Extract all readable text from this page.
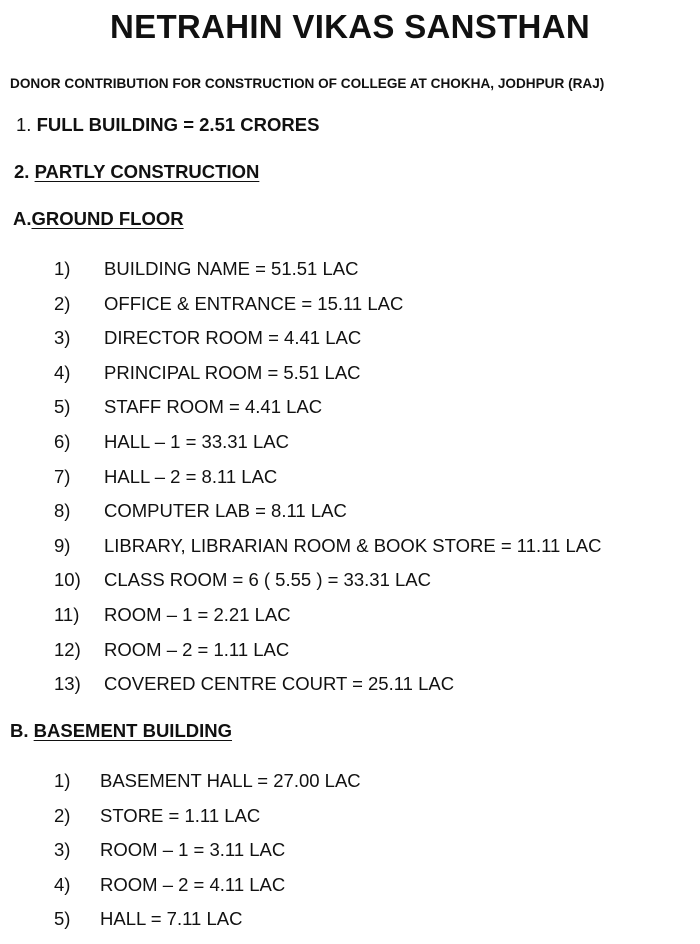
NETRAHIN VIKAS SANSTHAN
DONOR CONTRIBUTION FOR CONSTRUCTION OF COLLEGE AT CHOKHA, JODHPUR (RAJ)
1. FULL BUILDING = 2.51 CRORES
2. PARTLY CONSTRUCTION
A.GROUND FLOOR
1) BUILDING NAME = 51.51 LAC
2) OFFICE & ENTRANCE = 15.11 LAC
3) DIRECTOR ROOM = 4.41 LAC
4) PRINCIPAL ROOM = 5.51 LAC
5) STAFF ROOM = 4.41 LAC
6) HALL – 1 = 33.31 LAC
7) HALL – 2 = 8.11 LAC
8) COMPUTER LAB = 8.11 LAC
9) LIBRARY, LIBRARIAN ROOM & BOOK STORE = 11.11 LAC
10) CLASS ROOM = 6 ( 5.55 ) = 33.31 LAC
11) ROOM – 1 = 2.21 LAC
12) ROOM – 2 = 1.11 LAC
13) COVERED CENTRE COURT = 25.11 LAC
B. BASEMENT BUILDING
1) BASEMENT HALL = 27.00 LAC
2) STORE = 1.11 LAC
3) ROOM – 1 = 3.11 LAC
4) ROOM – 2 = 4.11 LAC
5) HALL = 7.11 LAC
